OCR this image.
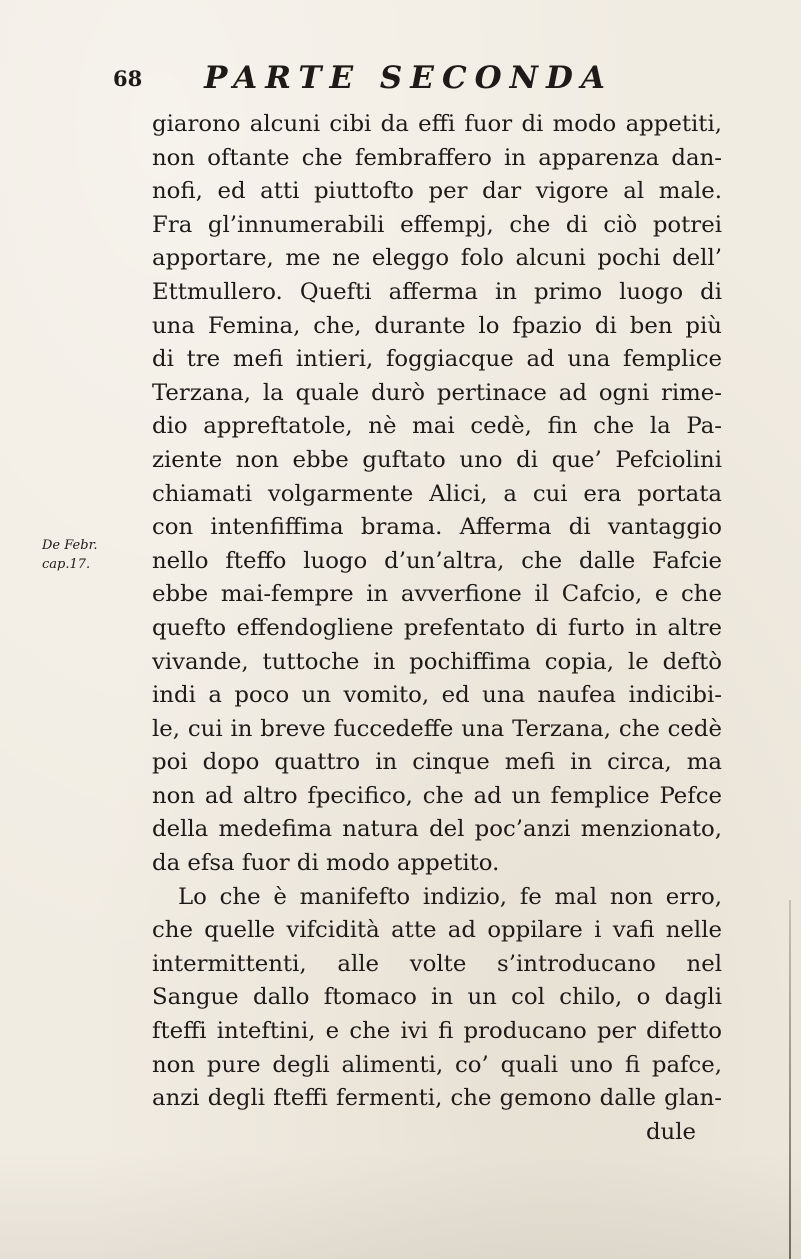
68	PARTE SECONDA
De Febr.
cap.17.
giarono alcuni cibi da effi fuor di modo appetiti,
non oftante che fembraffero in apparenza dan-
nofi, ed atti piuttofto per dar vigore al male.
Fra gl’innumerabili effempj, che di ciò potrei
apportare, me ne eleggo folo alcuni pochi dell’
Ettmullero. Quefti afferma in primo luogo di
una Femina, che, durante lo fpazio di ben più
di tre mefi intieri, foggiacque ad una femplice
Terzana, la quale durò pertinace ad ogni rime-
dio appreftatole, nè mai cedè, fin che la Pa-
ziente non ebbe guftato uno di que’ Pefciolini
chiamati volgarmente Alici, a cui era portata
con intenfiffima brama. Afferma di vantaggio
nello fteffo luogo d’un’altra, che dalle Fafcie
ebbe mai-fempre in avverfione il Cafcio, e che
quefto effendogliene prefentato di furto in altre
vivande, tuttoche in pochiffima copia, le deftò
indi a poco un vomito, ed una naufea indicibi-
le, cui in breve fuccedeffe una Terzana, che cedè
poi dopo quattro in cinque mefi in circa, ma
non ad altro fpecifico, che ad un femplice Pefce
della medefima natura del poc’anzi menzionato,
da efsa fuor di modo appetito.
Lo che è manifefto indizio, fe mal non erro,
che quelle vifcidità atte ad oppilare i vafi nelle
intermittenti, alle volte s’introducano nel
Sangue dallo ftomaco in un col chilo, o dagli
fteffi inteftini, e che ivi fi producano per difetto
non pure degli alimenti, co’ quali uno fi pafce,
anzi degli fteffi fermenti, che gemono dalle glan-
dule
